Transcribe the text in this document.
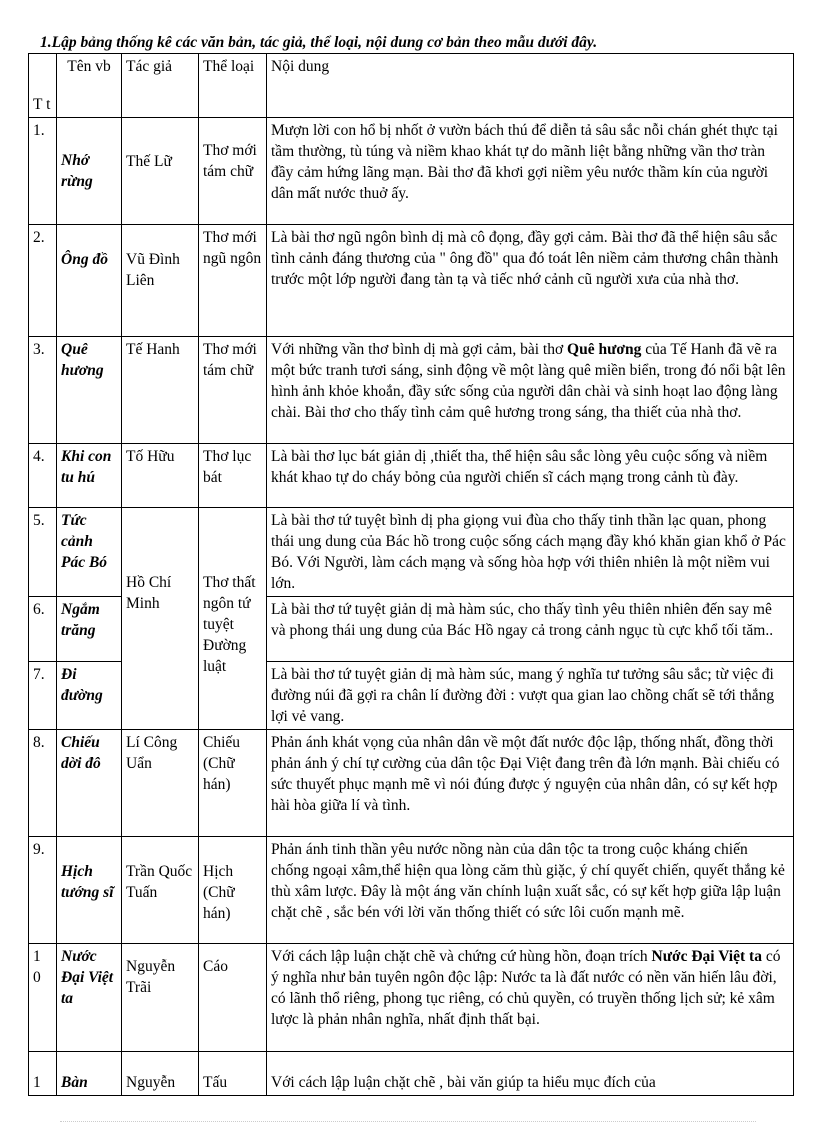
1.Lập bảng thống kê các văn bản, tác giả, thể loại, nội dung cơ bản theo mẫu dưới đây.
T t	Tên vb	Tác giả	Thể loại	Nội dung
1.	Nhớ rừng	Thế Lữ	Thơ mới tám chữ	Mượn lời con hổ bị nhốt ở vườn bách thú để diễn tả sâu sắc nỗi chán ghét thực tại tầm thường, tù túng và niềm khao khát tự do mãnh liệt bằng những vần thơ tràn đầy cảm hứng lãng mạn. Bài thơ đã khơi gợi niềm yêu nước thầm kín của người dân mất nước thuở ấy.
2.	Ông đồ	Vũ Đình Liên	Thơ mới ngũ ngôn	Là bài thơ ngũ ngôn bình dị mà cô đọng, đầy gợi cảm. Bài thơ đã thể hiện sâu sắc tình cảnh đáng thương của " ông đồ" qua đó toát lên niềm cảm thương chân thành trước một lớp người đang tàn tạ và tiếc nhớ cảnh cũ người xưa của nhà thơ.
3.	Quê hương	Tế Hanh	Thơ mới tám chữ	Với những vần thơ bình dị mà gợi cảm, bài thơ Quê hương của Tế Hanh đã vẽ ra một bức tranh tươi sáng, sinh động về một làng quê miền biển, trong đó nổi bật lên hình ảnh khỏe khoắn, đầy sức sống của người dân chài và sinh hoạt lao động làng chài. Bài thơ cho thấy tình cảm quê hương trong sáng, tha thiết của nhà thơ.
4.	Khi con tu hú	Tố Hữu	Thơ lục bát	Là bài thơ lục bát giản dị ,thiết tha, thể hiện sâu sắc lòng yêu cuộc sống và niềm khát khao tự do cháy bỏng của người chiến sĩ cách mạng trong cảnh tù đày.
5.	Tức cảnh Pác Bó	Hồ Chí Minh	Thơ thất ngôn tứ tuyệt Đường luật	Là bài thơ tứ tuyệt bình dị pha giọng vui đùa cho thấy tinh thần lạc quan, phong thái ung dung của Bác hồ trong cuộc sống cách mạng đầy khó khăn gian khổ ở Pác Bó. Với Người, làm cách mạng và sống hòa hợp với thiên nhiên là một niềm vui lớn.
6.	Ngắm trăng			Là bài thơ tứ tuyệt giản dị mà hàm súc, cho thấy tình yêu thiên nhiên đến say mê và phong thái ung dung của Bác Hồ ngay cả trong cảnh ngục tù cực khổ tối tăm..
7.	Đi đường			Là bài thơ tứ tuyệt giản dị mà hàm súc, mang ý nghĩa tư tưởng sâu sắc; từ việc đi đường núi đã gợi ra chân lí đường đời : vượt qua gian lao chồng chất sẽ tới thắng lợi vẻ vang.
8.	Chiếu dời đô	Lí Công Uẩn	Chiếu (Chữ hán)	Phản ánh khát vọng của nhân dân về một đất nước độc lập, thống nhất, đồng thời phản ánh ý chí tự cường của dân tộc Đại Việt đang trên đà lớn mạnh. Bài chiếu có sức thuyết phục mạnh mẽ vì nói đúng được ý nguyện của nhân dân, có sự kết hợp hài hòa giữa lí và tình.
9.	Hịch tướng sĩ	Trần Quốc Tuấn	Hịch (Chữ hán)	Phản ánh tinh thần yêu nước nồng nàn của dân tộc ta trong cuộc kháng chiến chống ngoại xâm,thể hiện qua lòng căm thù giặc, ý chí quyết chiến, quyết thắng kẻ thù xâm lược. Đây là một áng văn chính luận xuất sắc, có sự kết hợp giữa lập luận chặt chẽ , sắc bén với lời văn thống thiết có sức lôi cuốn mạnh mẽ.
1 0	Nước Đại Việt ta	Nguyễn Trãi	Cáo	Với cách lập luận chặt chẽ và chứng cứ hùng hồn, đoạn trích Nước Đại Việt ta có ý nghĩa như bản tuyên ngôn độc lập: Nước ta là đất nước có nền văn hiến lâu đời, có lãnh thổ riêng, phong tục riêng, có chủ quyền, có truyền thống lịch sử; kẻ xâm lược là phản nhân nghĩa, nhất định thất bại.
1	Bàn	Nguyễn	Tấu	Với cách lập luận chặt chẽ , bài văn giúp ta hiểu mục đích của
